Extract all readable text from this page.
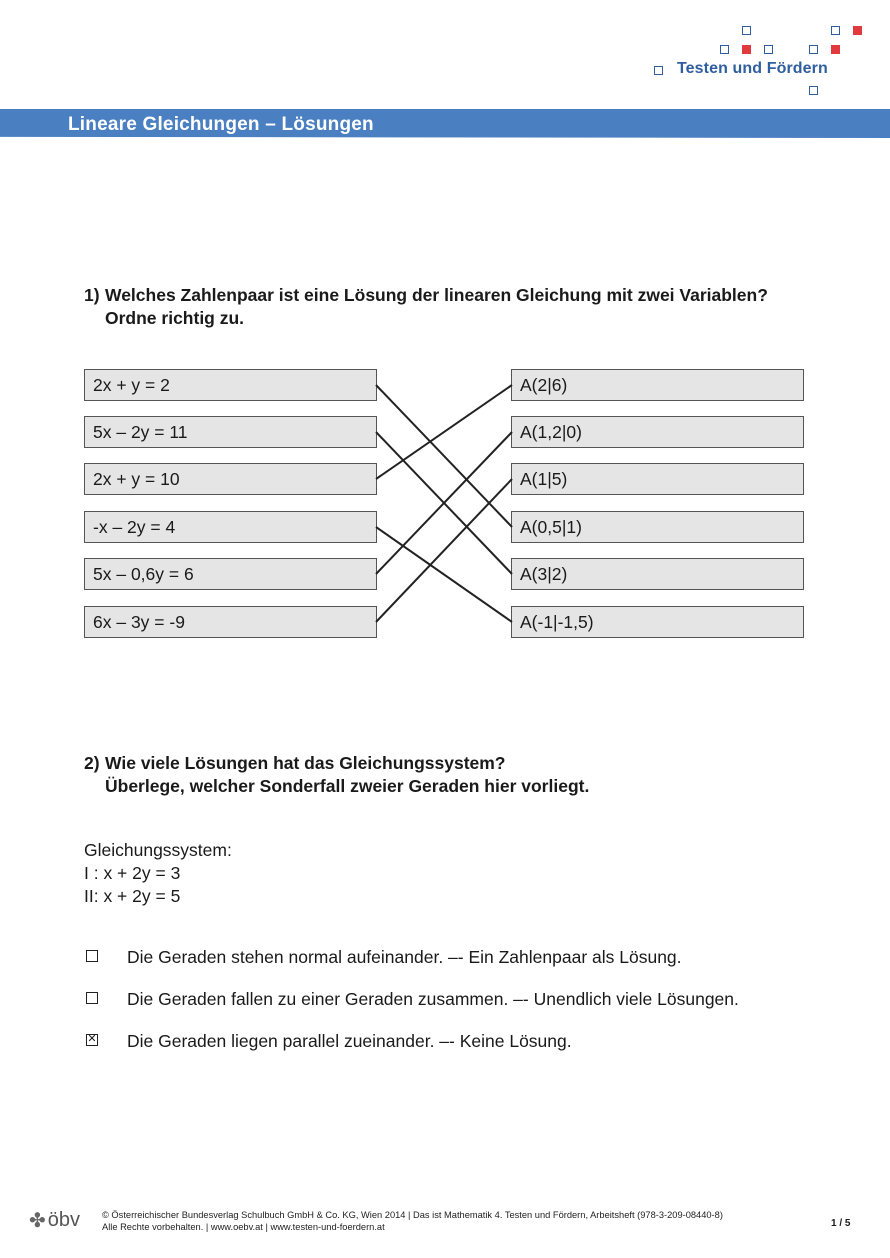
Testen und Fördern
Lineare Gleichungen – Lösungen
1) Welches Zahlenpaar ist eine Lösung der linearen Gleichung mit zwei Variablen?
Ordne richtig zu.
2x + y = 2
5x – 2y = 11
2x + y = 10
-x – 2y = 4
5x – 0,6y = 6
6x – 3y = -9
A(2|6)
A(1,2|0)
A(1|5)
A(0,5|1)
A(3|2)
A(-1|-1,5)
2) Wie viele Lösungen hat das Gleichungssystem?
Überlege, welcher Sonderfall zweier Geraden hier vorliegt.
Gleichungssystem:
I : x + 2y = 3
II: x + 2y = 5
Die Geraden stehen normal aufeinander. –- Ein Zahlenpaar als Lösung.
Die Geraden fallen zu einer Geraden zusammen. –- Unendlich viele Lösungen.
✕ Die Geraden liegen parallel zueinander. –- Keine Lösung.
✤ öbv © Österreichischer Bundesverlag Schulbuch GmbH & Co. KG, Wien 2014 | Das ist Mathematik 4. Testen und Fördern, Arbeitsheft (978-3-209-08440-8)
Alle Rechte vorbehalten. | www.oebv.at | www.testen-und-foerdern.at	1 / 5
